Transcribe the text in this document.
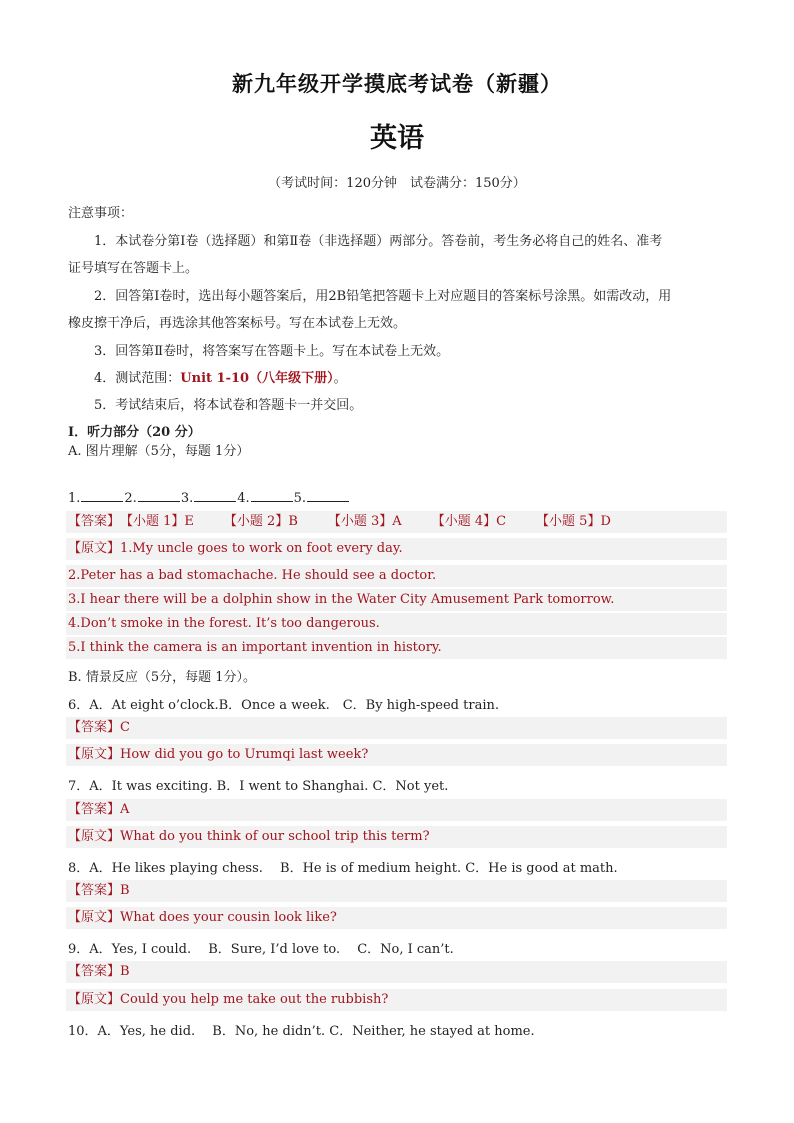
新九年级开学摸底考试卷（新疆）
英语
（考试时间：120分钟　试卷满分：150分）
注意事项：
1．本试卷分第Ⅰ卷（选择题）和第Ⅱ卷（非选择题）两部分。答卷前，考生务必将自己的姓名、准考
证号填写在答题卡上。
2．回答第Ⅰ卷时，选出每小题答案后，用2B铅笔把答题卡上对应题目的答案标号涂黑。如需改动，用
橡皮擦干净后，再选涂其他答案标号。写在本试卷上无效。
3．回答第Ⅱ卷时，将答案写在答题卡上。写在本试卷上无效。
4．测试范围：Unit 1-10（八年级下册）。
5．考试结束后，将本试卷和答题卡一并交回。
Ⅰ．听力部分（20 分）
A. 图片理解（5分，每题 1分）
1.	2.	3.	4.	5.
【答案】【小题 1】E 【小题 2】B 【小题 3】A 【小题 4】C 【小题 5】D
【原文】1.My uncle goes to work on foot every day.
2.Peter has a bad stomachache. He should see a doctor.
3.I hear there will be a dolphin show in the Water City Amusement Park tomorrow.
4.Don’t smoke in the forest. It’s too dangerous.
5.I think the camera is an important invention in history.
B. 情景反应（5分，每题 1分）。
6．A．At eight o’clock.B．Once a week.　C．By high-speed train.
【答案】C
【原文】How did you go to Urumqi last week?
7．A．It was exciting. B．I went to Shanghai. C．Not yet.
【答案】A
【原文】What do you think of our school trip this term?
8．A．He likes playing chess.　 B．He is of medium height. C．He is good at math.
【答案】B
【原文】What does your cousin look like?
9．A．Yes, I could.　 B．Sure, I’d love to.　 C．No, I can’t.
【答案】B
【原文】Could you help me take out the rubbish?
10．A．Yes, he did.　 B．No, he didn’t. C．Neither, he stayed at home.
